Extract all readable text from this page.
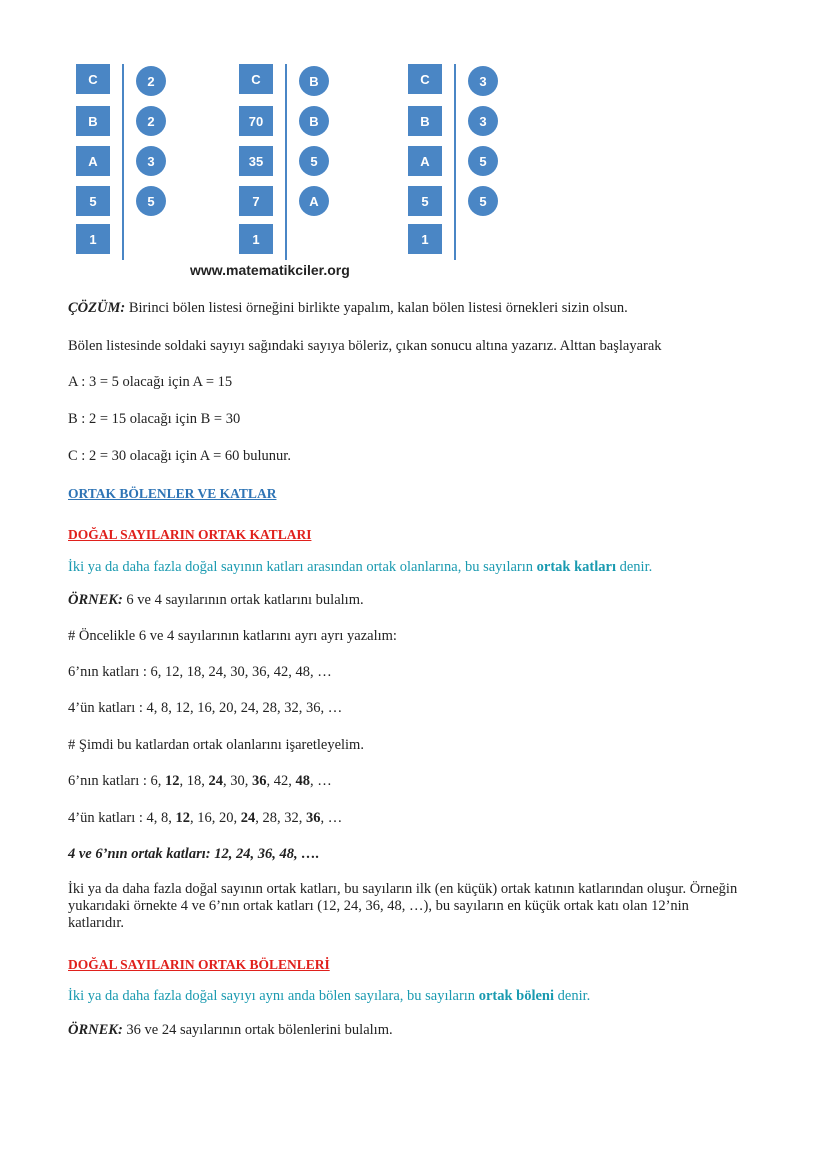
C
B
A
5
1
2
2
3
5
C
70
35
7
1
B
B
5
A
C
B
A
5
1
3
3
5
5
www.matematikciler.org
ÇÖZÜM: Birinci bölen listesi örneğini birlikte yapalım, kalan bölen listesi örnekleri sizin olsun.
Bölen listesinde soldaki sayıyı sağındaki sayıya böleriz, çıkan sonucu altına yazarız. Alttan başlayarak
A : 3 = 5 olacağı için A = 15
B : 2 = 15 olacağı için B = 30
C : 2 = 30 olacağı için A = 60 bulunur.
ORTAK BÖLENLER VE KATLAR
DOĞAL SAYILARIN ORTAK KATLARI
İki ya da daha fazla doğal sayının katları arasından ortak olanlarına, bu sayıların ortak katları denir.
ÖRNEK: 6 ve 4 sayılarının ortak katlarını bulalım.
# Öncelikle 6 ve 4 sayılarının katlarını ayrı ayrı yazalım:
6’nın katları : 6, 12, 18, 24, 30, 36, 42, 48, …
4’ün katları : 4, 8, 12, 16, 20, 24, 28, 32, 36, …
# Şimdi bu katlardan ortak olanlarını işaretleyelim.
6’nın katları : 6, 12, 18, 24, 30, 36, 42, 48, …
4’ün katları : 4, 8, 12, 16, 20, 24, 28, 32, 36, …
4 ve 6’nın ortak katları: 12, 24, 36, 48, ….
İki ya da daha fazla doğal sayının ortak katları, bu sayıların ilk (en küçük) ortak katının katlarından oluşur. Örneğin yukarıdaki örnekte 4 ve 6’nın ortak katları (12, 24, 36, 48, …), bu sayıların en küçük ortak katı olan 12’nin katlarıdır.
DOĞAL SAYILARIN ORTAK BÖLENLERİ
İki ya da daha fazla doğal sayıyı aynı anda bölen sayılara, bu sayıların ortak böleni denir.
ÖRNEK: 36 ve 24 sayılarının ortak bölenlerini bulalım.
